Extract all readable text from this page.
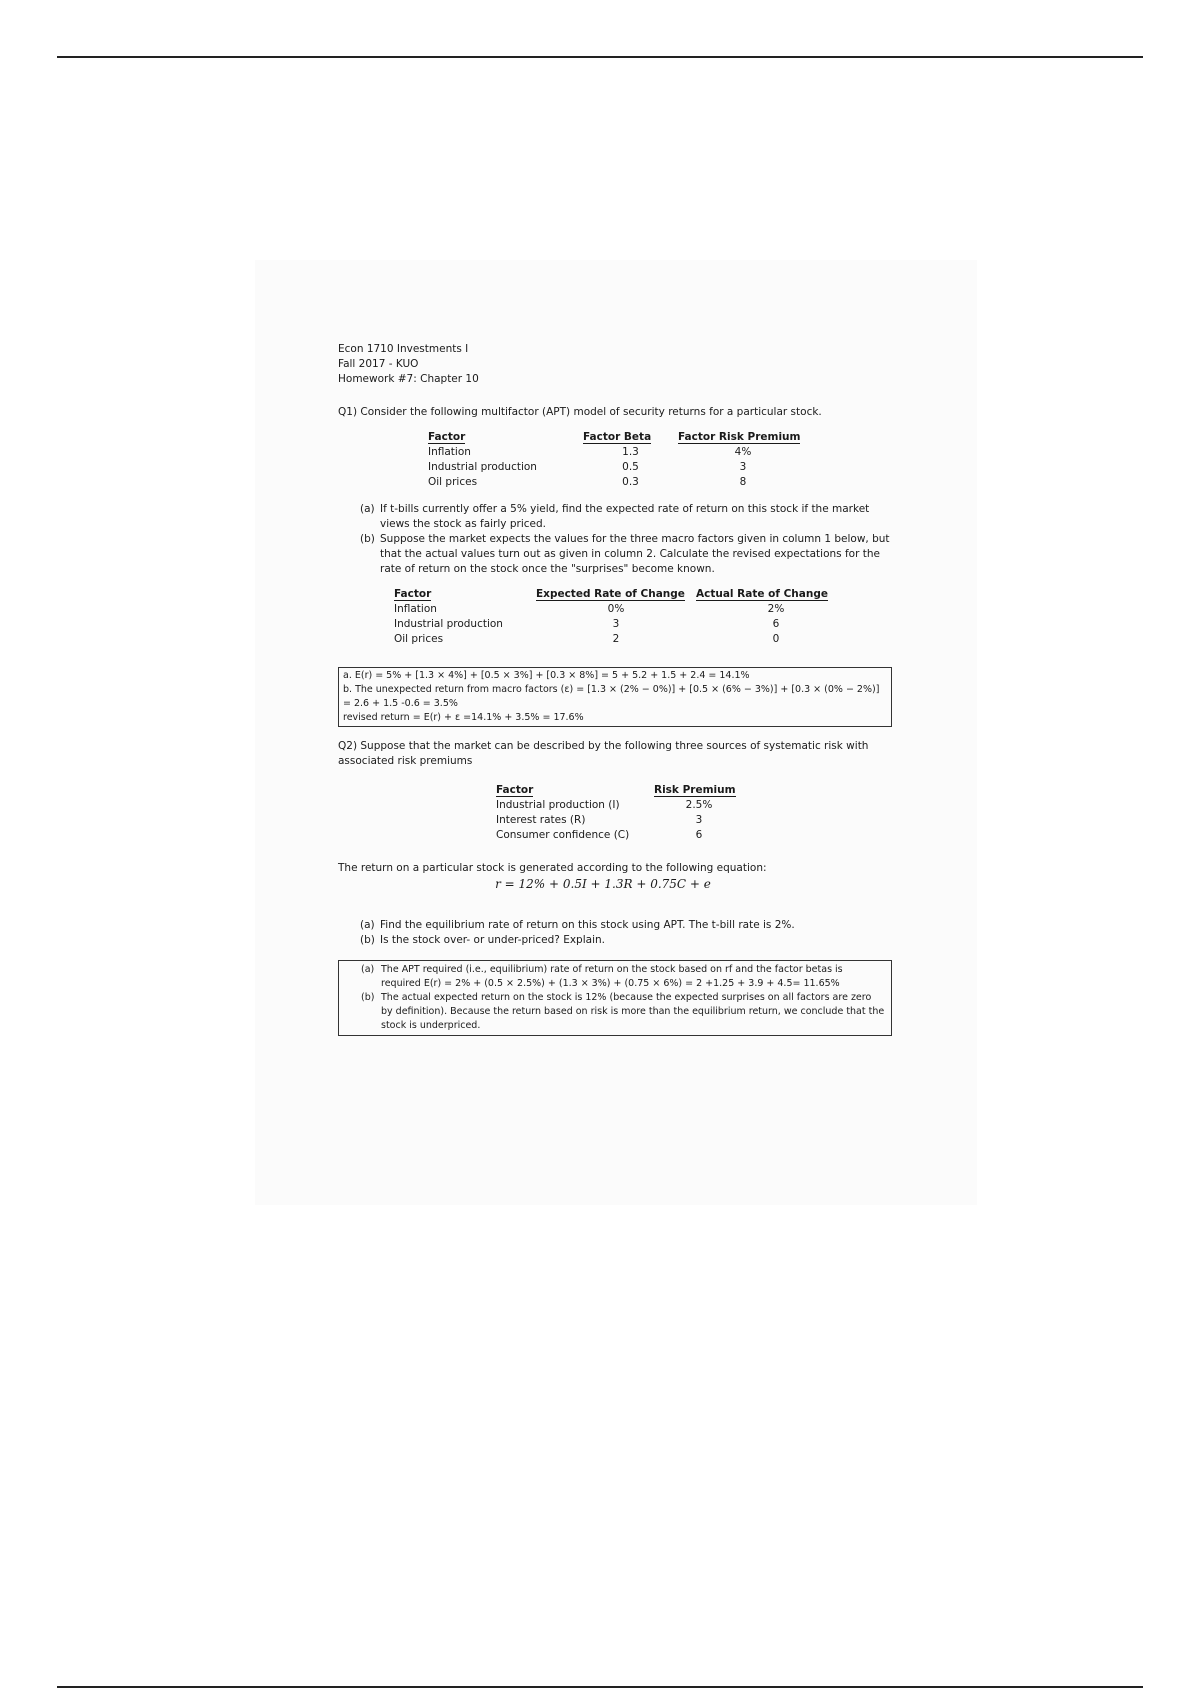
Econ 1710 Investments I
Fall 2017 - KUO
Homework #7: Chapter 10
Q1) Consider the following multifactor (APT) model of security returns for a particular stock.
Factor	Factor Beta	Factor Risk Premium
Inflation	1.3	4%
Industrial production	0.5	3
Oil prices	0.3	8
(a) If t-bills currently offer a 5% yield, find the expected rate of return on this stock if the market views the stock as fairly priced.
(b) Suppose the market expects the values for the three macro factors given in column 1 below, but that the actual values turn out as given in column 2. Calculate the revised expectations for the rate of return on the stock once the "surprises" become known.
Factor	Expected Rate of Change	Actual Rate of Change
Inflation	0%	2%
Industrial production	3	6
Oil prices	2	0
a. E(r) = 5% + [1.3 × 4%] + [0.5 × 3%] + [0.3 × 8%] = 5 + 5.2 + 1.5 + 2.4 = 14.1%
b. The unexpected return from macro factors (ε) = [1.3 × (2% − 0%)] + [0.5 × (6% − 3%)] + [0.3 × (0% − 2%)] = 2.6 + 1.5 -0.6 = 3.5%
revised return = E(r) + ε =14.1% + 3.5% = 17.6%
Q2) Suppose that the market can be described by the following three sources of systematic risk with associated risk premiums
Factor	Risk Premium
Industrial production (I)	2.5%
Interest rates (R)	3
Consumer confidence (C)	6
The return on a particular stock is generated according to the following equation:
r = 12% + 0.5I + 1.3R + 0.75C + e
(a) Find the equilibrium rate of return on this stock using APT. The t-bill rate is 2%.
(b) Is the stock over- or under-priced? Explain.
(a) The APT required (i.e., equilibrium) rate of return on the stock based on rf and the factor betas is required E(r) = 2% + (0.5 × 2.5%) + (1.3 × 3%) + (0.75 × 6%) = 2 +1.25 + 3.9 + 4.5= 11.65%
(b) The actual expected return on the stock is 12% (because the expected surprises on all factors are zero by definition). Because the return based on risk is more than the equilibrium return, we conclude that the stock is underpriced.
